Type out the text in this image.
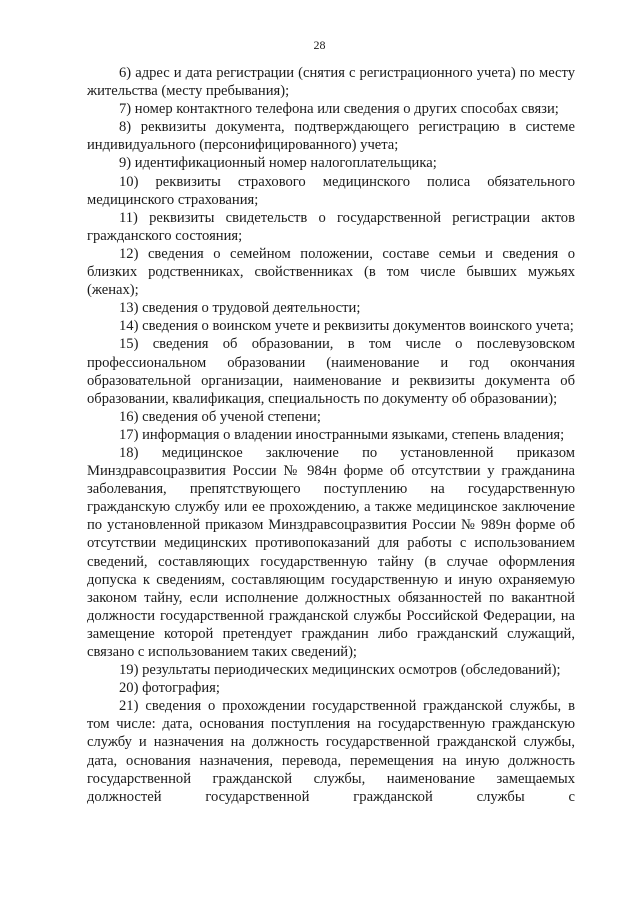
28

6) адрес и дата регистрации (снятия с регистрационного учета) по месту жительства (месту пребывания);

7) номер контактного телефона или сведения о других способах связи;

8) реквизиты документа, подтверждающего регистрацию в системе индивидуального (персонифицированного) учета;

9) идентификационный номер налогоплательщика;

10) реквизиты страхового медицинского полиса обязательного медицинского страхования;

11) реквизиты свидетельств о государственной регистрации актов гражданского состояния;

12) сведения о семейном положении, составе семьи и сведения о близких родственниках, свойственниках (в том числе бывших мужьях (женах);

13) сведения о трудовой деятельности;

14) сведения о воинском учете и реквизиты документов воинского учета;

15) сведения об образовании, в том числе о послевузовском профессиональном образовании (наименование и год окончания образовательной организации, наименование и реквизиты документа об образовании, квалификация, специальность по документу об образовании);

16) сведения об ученой степени;

17) информация о владении иностранными языками, степень владения;

18) медицинское заключение по установленной приказом Минздравсоцразвития России № 984н форме об отсутствии у гражданина заболевания, препятствующего поступлению на государственную гражданскую службу или ее прохождению, а также медицинское заключение по установленной приказом Минздравсоцразвития России № 989н форме об отсутствии медицинских противопоказаний для работы с использованием сведений, составляющих государственную тайну (в случае оформления допуска к сведениям, составляющим государственную и иную охраняемую законом тайну, если исполнение должностных обязанностей по вакантной должности государственной гражданской службы Российской Федерации, на замещение которой претендует гражданин либо гражданский служащий, связано с использованием таких сведений);

19) результаты периодических медицинских осмотров (обследований);

20) фотография;

21) сведения о прохождении государственной гражданской службы, в том числе: дата, основания поступления на государственную гражданскую службу и назначения на должность государственной гражданской службы, дата, основания назначения, перевода, перемещения на иную должность государственной гражданской службы, наименование замещаемых должностей государственной гражданской службы с
